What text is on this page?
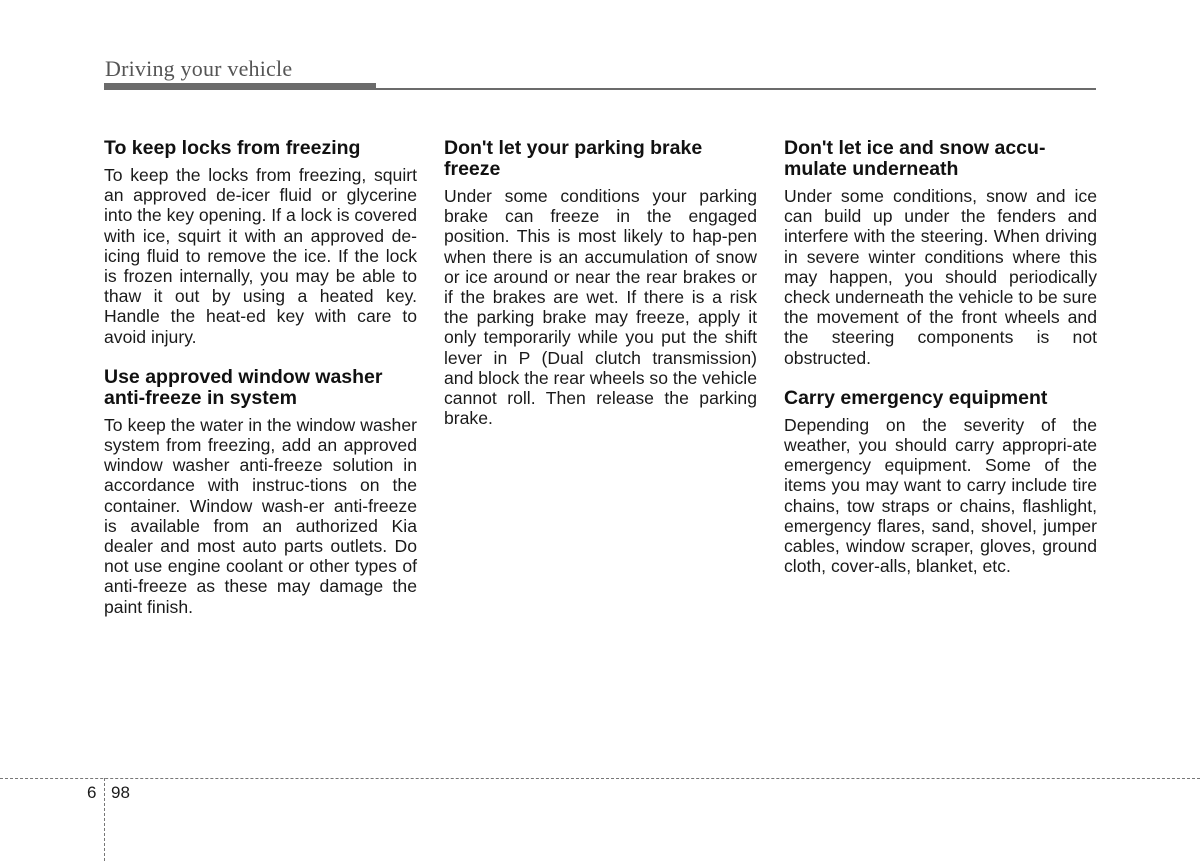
Driving your vehicle
To keep locks from freezing

To keep the locks from freezing, squirt an approved de-icer fluid or glycerine into the key opening. If a lock is covered with ice, squirt it with an approved de-icing fluid to remove the ice. If the lock is frozen internally, you may be able to thaw it out by using a heated key. Handle the heat-ed key with care to avoid injury.

Use approved window washer anti-freeze in system

To keep the water in the window washer system from freezing, add an approved window washer anti-freeze solution in accordance with instruc-tions on the container. Window wash-er anti-freeze is available from an authorized Kia dealer and most auto parts outlets. Do not use engine coolant or other types of anti-freeze as these may damage the paint finish.

Don't let your parking brake freeze

Under some conditions your parking brake can freeze in the engaged position. This is most likely to hap-pen when there is an accumulation of snow or ice around or near the rear brakes or if the brakes are wet. If there is a risk the parking brake may freeze, apply it only temporarily while you put the shift lever in P (Dual clutch transmission) and block the rear wheels so the vehicle cannot roll. Then release the parking brake.

Don't let ice and snow accu-mulate underneath

Under some conditions, snow and ice can build up under the fenders and interfere with the steering. When driving in severe winter conditions where this may happen, you should periodically check underneath the vehicle to be sure the movement of the front wheels and the steering components is not obstructed.

Carry emergency equipment

Depending on the severity of the weather, you should carry appropri-ate emergency equipment. Some of the items you may want to carry include tire chains, tow straps or chains, flashlight, emergency flares, sand, shovel, jumper cables, window scraper, gloves, ground cloth, cover-alls, blanket, etc.

6 98
